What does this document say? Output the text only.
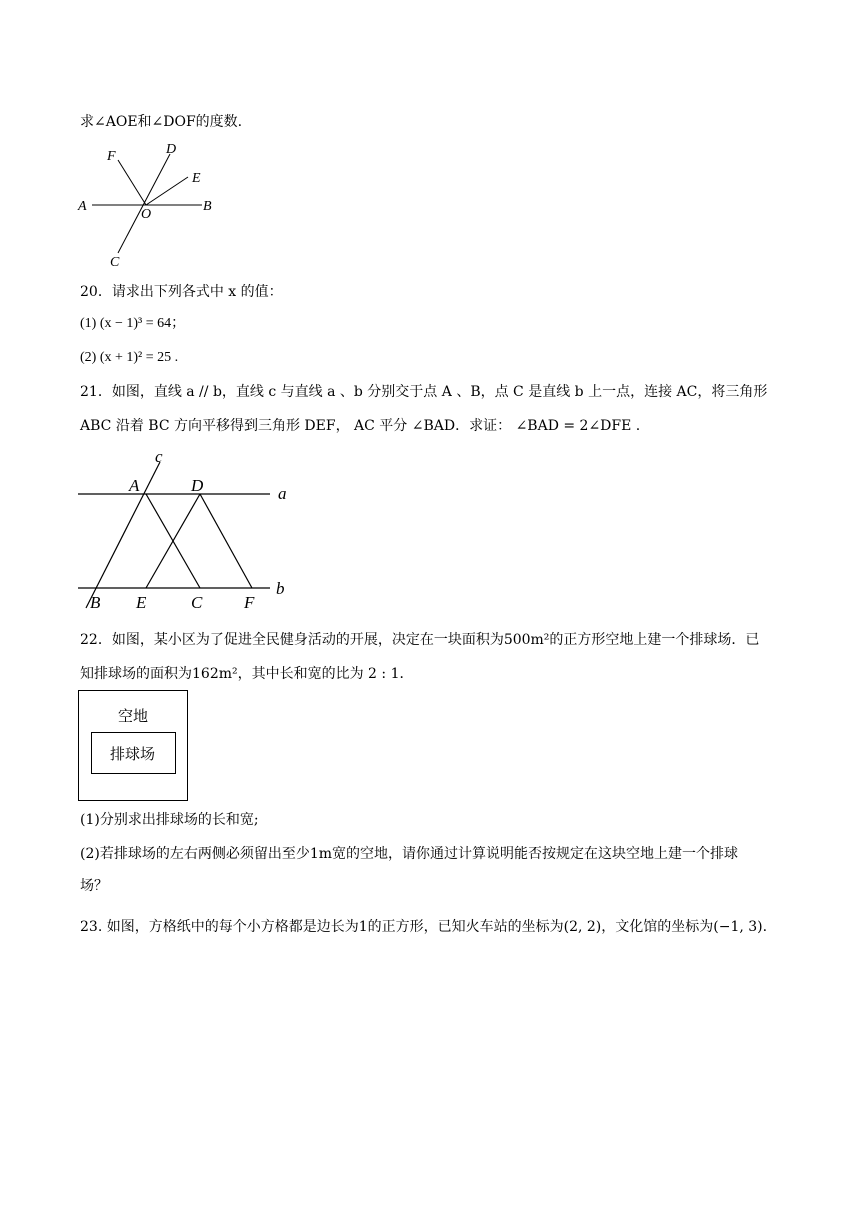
求∠AOE和∠DOF的度数.
F	D
E
A
O
B
C
20．请求出下列各式中 x 的值：
(1) (x − 1)³ = 64；
(2) (x + 1)² = 25 .
21．如图，直线 a // b，直线 c 与直线 a 、b 分别交于点 A 、B，点 C 是直线 b 上一点，连接 AC，将三角形
ABC 沿着 BC 方向平移得到三角形 DEF， AC 平分 ∠BAD．求证： ∠BAD = 2∠DFE .
c
A	D	a
B E	C F
b
22．如图，某小区为了促进全民健身活动的开展，决定在一块面积为500m²的正方形空地上建一个排球场．已
知排球场的面积为162m²，其中长和宽的比为 2 : 1．
空地
排球场
(1)分别求出排球场的长和宽;
(2)若排球场的左右两侧必须留出至少1m宽的空地，请你通过计算说明能否按规定在这块空地上建一个排球
场？
23. 如图，方格纸中的每个小方格都是边长为1的正方形，已知火车站的坐标为(2, 2)，文化馆的坐标为(−1, 3).
